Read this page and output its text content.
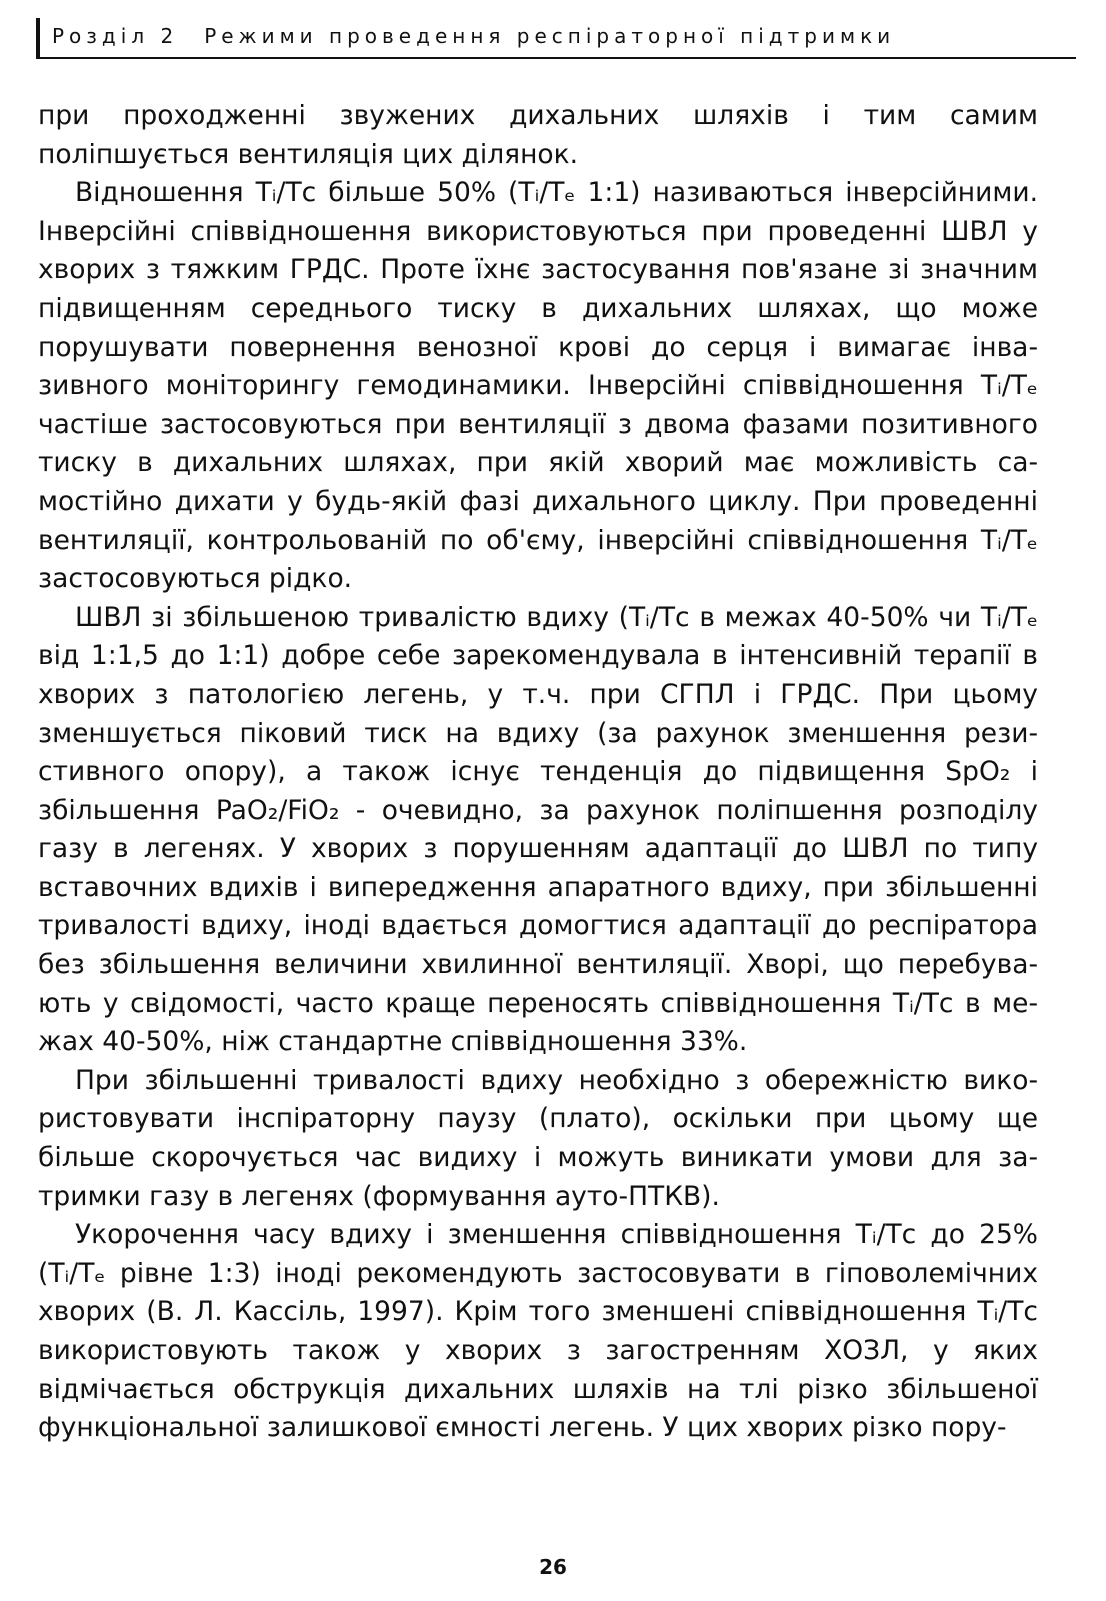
Розділ 2 Режими проведення респіраторної підтримки

при проходженні звужених дихальних шляхів і тим самим поліпшується вентиляція цих ділянок.

Відношення Tᵢ/Tᴄ більше 50% (Tᵢ/Tₑ 1:1) називаються інверсійними. Інверсійні співвідношення використовуються при проведенні ШВЛ у хворих з тяжким ГРДС. Проте їхнє застосування пов'язане зі значним підвищенням середнього тиску в дихальних шляхах, що може порушувати повернення венозної крові до серця і вимагає інвазивного моніторингу гемодинамики. Інверсійні співвідношення Tᵢ/Tₑ частіше застосовуються при вентиляції з двома фазами позитивного тиску в дихальних шляхах, при якій хворий має можливість самостійно дихати у будь-якій фазі дихального циклу. При проведенні вентиляції, контрольованій по об'єму, інверсійні співвідношення Tᵢ/Tₑ застосовуються рідко.

ШВЛ зі збільшеною тривалістю вдиху (Tᵢ/Tᴄ в межах 40-50% чи Tᵢ/Tₑ від 1:1,5 до 1:1) добре себе зарекомендувала в інтенсивній терапії в хворих з патологією легень, у т.ч. при СГПЛ і ГРДС. При цьому зменшується піковий тиск на вдиху (за рахунок зменшення резистивного опору), а також існує тенденція до підвищення SpO₂ і збільшення PaO₂/FiO₂ - очевидно, за рахунок поліпшення розподілу газу в легенях. У хворих з порушенням адаптації до ШВЛ по типу вставочних вдихів і випередження апаратного вдиху, при збільшенні тривалості вдиху, іноді вдається домогтися адаптації до респіратора без збільшення величини хвилинної вентиляції. Хворі, що перебувають у свідомості, часто краще переносять співвідношення Tᵢ/Tᴄ в межах 40-50%, ніж стандартне співвідношення 33%.

При збільшенні тривалості вдиху необхідно з обережністю використовувати інспіраторну паузу (плато), оскільки при цьому ще більше скорочується час видиху і можуть виникати умови для затримки газу в легенях (формування ауто-ПТКВ).

Укорочення часу вдиху і зменшення співвідношення Tᵢ/Tᴄ до 25% (Tᵢ/Tₑ рівне 1:3) іноді рекомендують застосовувати в гіповолемічних хворих (В. Л. Кассіль, 1997). Крім того зменшені співвідношення Tᵢ/Tᴄ використовують також у хворих з загостренням ХОЗЛ, у яких відмічається обструкція дихальних шляхів на тлі різко збільшеної функціональної залишкової ємності легень. У цих хворих різко пору-

26
